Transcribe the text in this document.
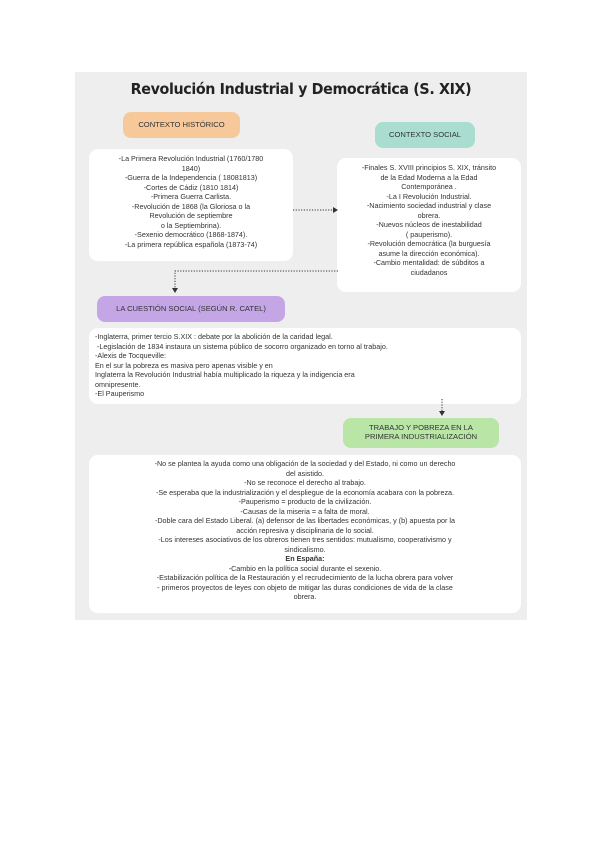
Revolución Industrial y Democrática (S. XIX)
CONTEXTO HISTÓRICO

-La Primera Revolución Industrial (1760/1780

1840)

-Guerra de la Independencia ( 18081813)

-Cortes de Cádiz (1810 1814)

-Primera Guerra Carlista.

-Revolución de 1868 (la Gloriosa o la

Revolución de septiembre

o la Septiembrina).

-Sexenio democrático (1868-1874).

-La primera república española (1873-74)

CONTEXTO SOCIAL

-Finales S. XVIII principios S. XIX, tránsito

de la Edad Moderna a la Edad

Contemporánea .

-La I Revolución Industrial.

-Nacimiento sociedad industrial y clase

obrera.

-Nuevos núcleos de inestabilidad

( pauperismo).

-Revolución democrática (la burguesía

asume la dirección económica).

-Cambio mentalidad: de súbditos a

ciudadanos

LA CUESTIÓN SOCIAL (SEGÚN R. CATEL)

-Inglaterra, primer tercio S.XIX : debate por la abolición de la caridad legal.

-Legislación de 1834 instaura un sistema público de socorro organizado en torno al trabajo.

-Alexis de Tocqueville:

En el sur la pobreza es masiva pero apenas visible y en

Inglaterra la Revolución Industrial había multiplicado la riqueza y la indigencia era

omnipresente.

-El Pauperismo

TRABAJO Y POBREZA EN LA
PRIMERA INDUSTRIALIZACIÓN

-No se plantea la ayuda como una obligación de la sociedad y del Estado, ni como un derecho

del asistido.

-No se reconoce el derecho al trabajo.

-Se esperaba que la industrialización y el despliegue de la economía acabara con la pobreza.

-Pauperismo = producto de la civilización.

-Causas de la miseria = a falta de moral.

-Doble cara del Estado Liberal. (a) defensor de las libertades económicas, y (b) apuesta por la

acción represiva y disciplinaria de lo social.

-Los intereses asociativos de los obreros tienen tres sentidos: mutualismo, cooperativismo y

sindicalismo.

En España:

-Cambio en la política social durante el sexenio.

-Estabilización política de la Restauración y el recrudecimiento de la lucha obrera para volver

- primeros proyectos de leyes con objeto de mitigar las duras condiciones de vida de la clase

obrera.
